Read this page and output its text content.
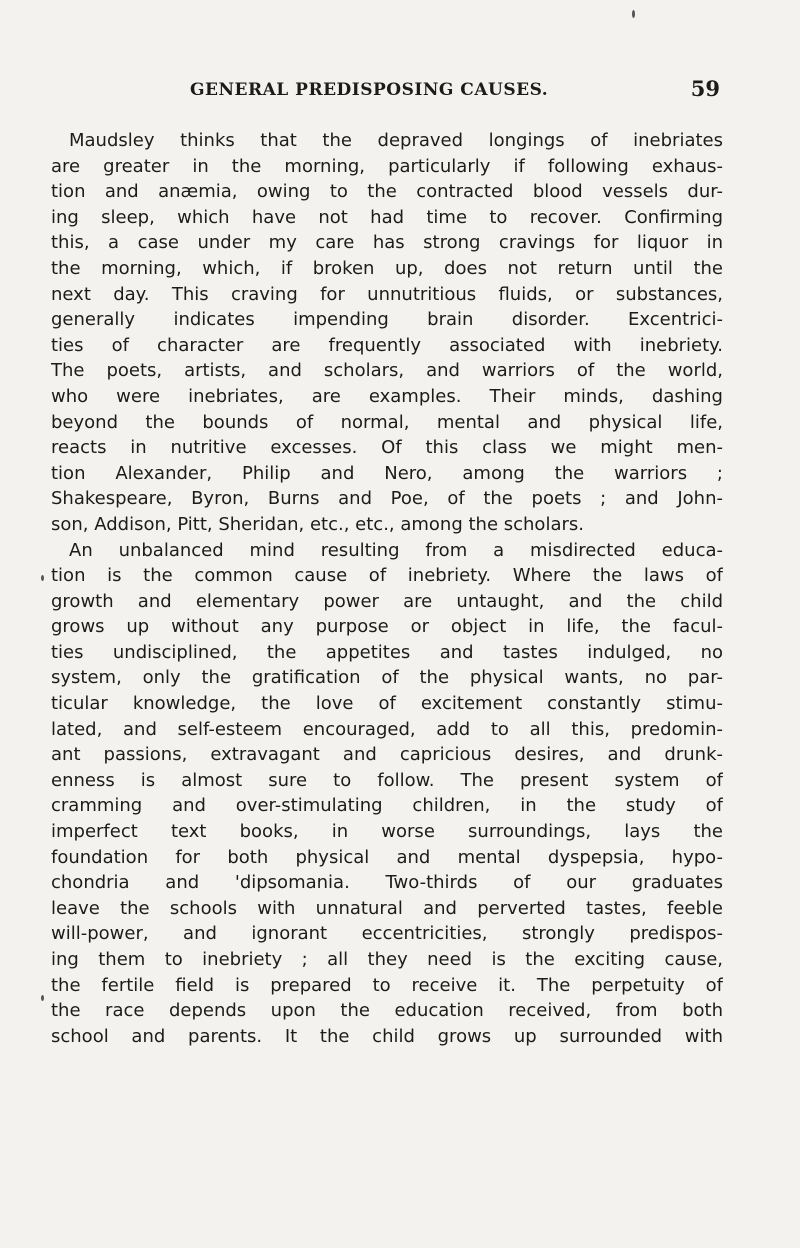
GENERAL PREDISPOSING CAUSES.	59
Maudsley thinks that the depraved longings of inebriates
are greater in the morning, particularly if following exhaus-
tion and anæmia, owing to the contracted blood vessels dur-
ing sleep, which have not had time to recover. Confirming
this, a case under my care has strong cravings for liquor in
the morning, which, if broken up, does not return until the
next day. This craving for unnutritious fluids, or substances,
generally indicates impending brain disorder. Excentrici-
ties of character are frequently associated with inebriety.
The poets, artists, and scholars, and warriors of the world,
who were inebriates, are examples. Their minds, dashing
beyond the bounds of normal, mental and physical life,
reacts in nutritive excesses. Of this class we might men-
tion Alexander, Philip and Nero, among the warriors ;
Shakespeare, Byron, Burns and Poe, of the poets ; and John-
son, Addison, Pitt, Sheridan, etc., etc., among the scholars.
An unbalanced mind resulting from a misdirected educa-
tion is the common cause of inebriety. Where the laws of
growth and elementary power are untaught, and the child
grows up without any purpose or object in life, the facul-
ties undisciplined, the appetites and tastes indulged, no
system, only the gratification of the physical wants, no par-
ticular knowledge, the love of excitement constantly stimu-
lated, and self-esteem encouraged, add to all this, predomin-
ant passions, extravagant and capricious desires, and drunk-
enness is almost sure to follow. The present system of
cramming and over-stimulating children, in the study of
imperfect text books, in worse surroundings, lays the
foundation for both physical and mental dyspepsia, hypo-
chondria and 'dipsomania. Two-thirds of our graduates
leave the schools with unnatural and perverted tastes, feeble
will-power, and ignorant eccentricities, strongly predispos-
ing them to inebriety ; all they need is the exciting cause,
the fertile field is prepared to receive it. The perpetuity of
the race depends upon the education received, from both
school and parents. It the child grows up surrounded with
